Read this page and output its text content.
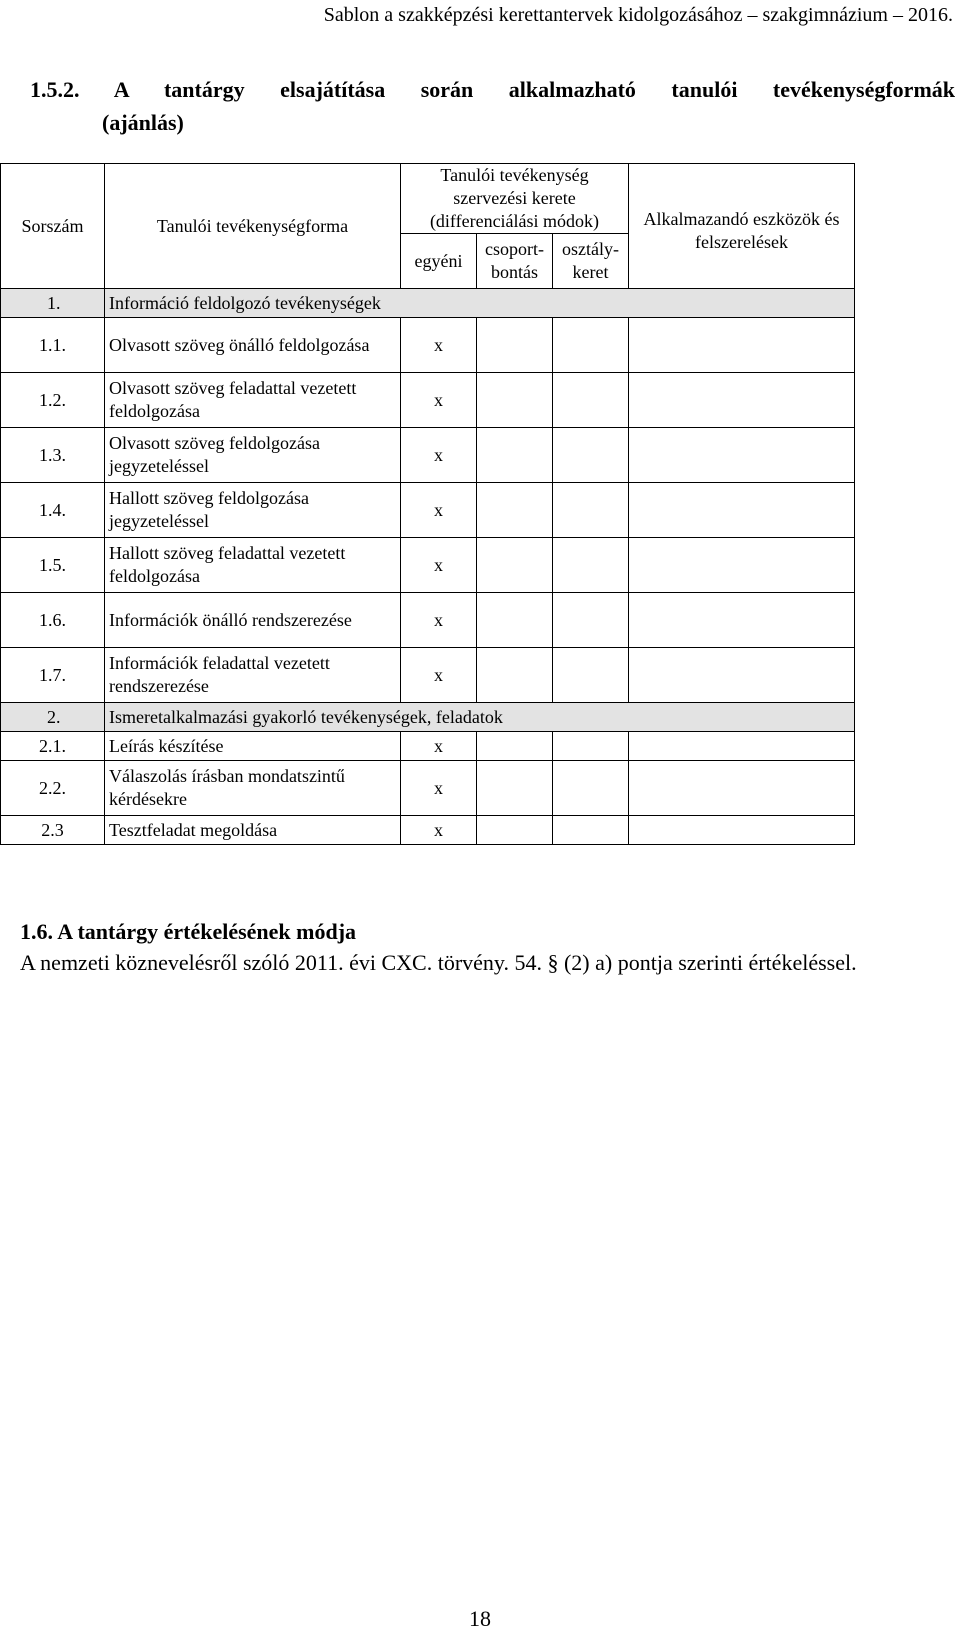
Sablon a szakképzési kerettantervek kidolgozásához – szakgimnázium – 2016.
1.5.2. A tantárgy elsajátítása során alkalmazható tanulói tevékenységformák
(ajánlás)
Sorszám	Tanulói tevékenységforma	Tanulói tevékenység szervezési kerete (differenciálási módok)			Alkalmazandó eszközök és felszerelések
		egyéni	csoport-bontás	osztály-keret	
1.	Információ feldolgozó tevékenységek				
1.1.	Olvasott szöveg önálló feldolgozása	x			
1.2.	Olvasott szöveg feladattal vezetett feldolgozása	x			
1.3.	Olvasott szöveg feldolgozása jegyzeteléssel	x			
1.4.	Hallott szöveg feldolgozása jegyzeteléssel	x			
1.5.	Hallott szöveg feladattal vezetett feldolgozása	x			
1.6.	Információk önálló rendszerezése	x			
1.7.	Információk feladattal vezetett rendszerezése	x			
2.	Ismeretalkalmazási gyakorló tevékenységek, feladatok				
2.1.	Leírás készítése	x			
2.2.	Válaszolás írásban mondatszintű kérdésekre	x			
2.3	Tesztfeladat megoldása	x			
1.6. A tantárgy értékelésének módja
A nemzeti köznevelésről szóló 2011. évi CXC. törvény. 54. § (2) a) pontja szerinti értékeléssel.
18
